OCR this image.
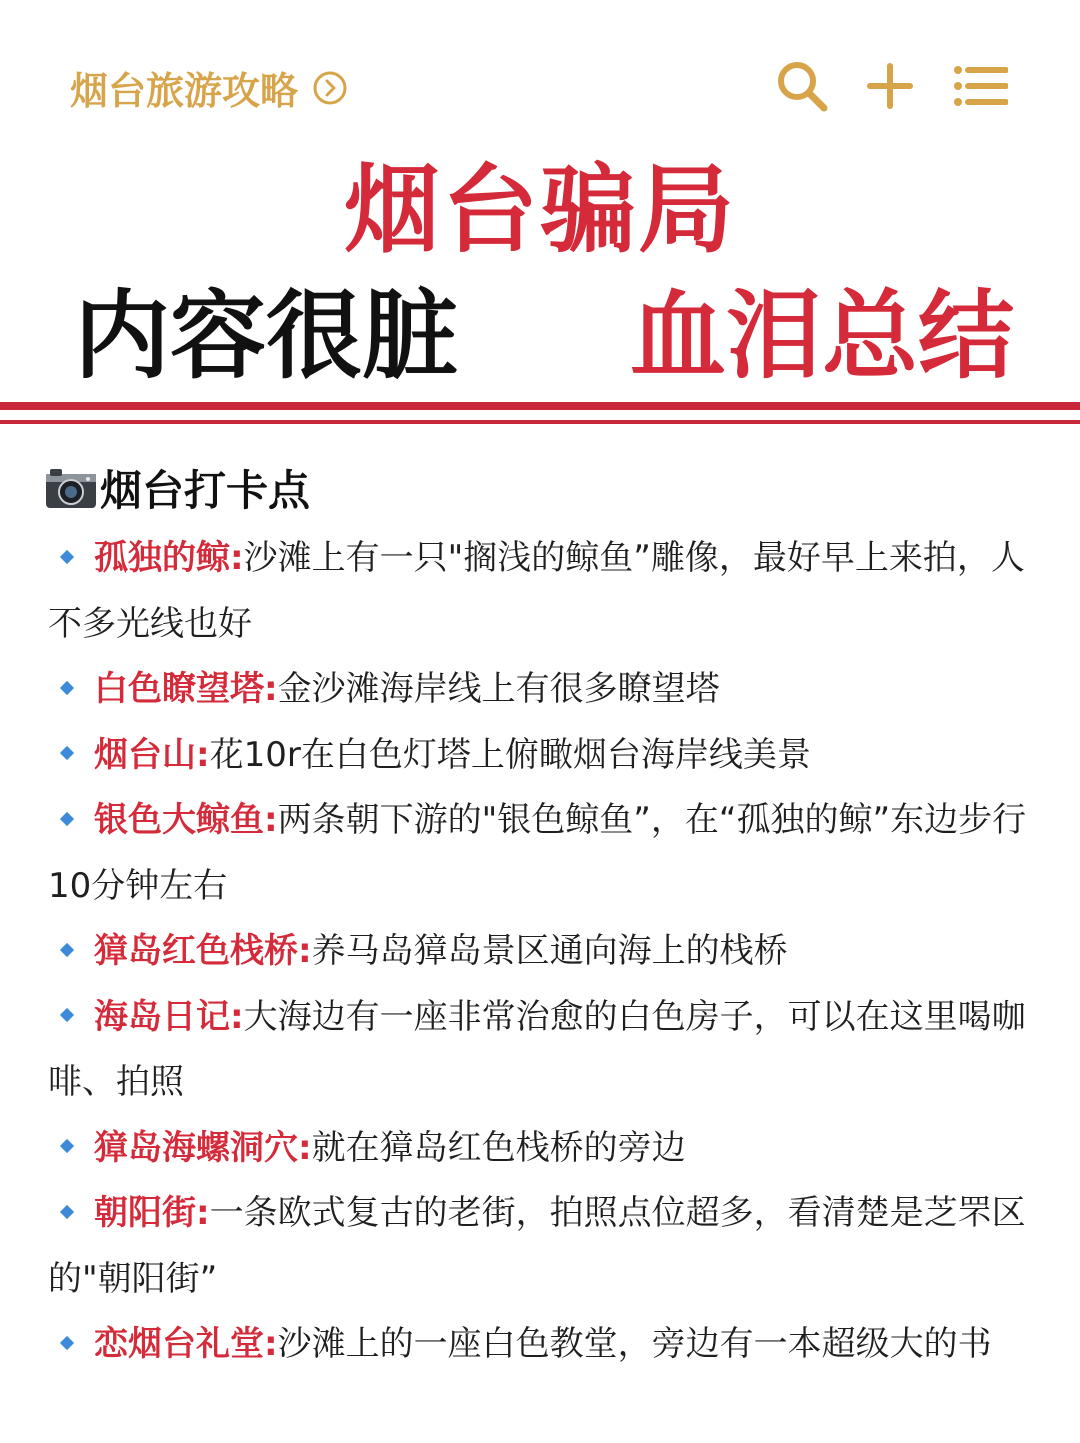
烟台旅游攻略
烟台骗局
内容很脏 血泪总结
烟台打卡点

孤独的鲸:沙滩上有一只"搁浅的鲸鱼”雕像，最好早上来拍，人不多光线也好

白色瞭望塔:金沙滩海岸线上有很多瞭望塔

烟台山:花10r在白色灯塔上俯瞰烟台海岸线美景

银色大鲸鱼:两条朝下游的"银色鲸鱼”，在“孤独的鲸”东边步行10分钟左右

獐岛红色栈桥:养马岛獐岛景区通向海上的栈桥

海岛日记:大海边有一座非常治愈的白色房子，可以在这里喝咖啡、拍照

獐岛海螺洞穴:就在獐岛红色栈桥的旁边

朝阳街:一条欧式复古的老街，拍照点位超多，看清楚是芝罘区的"朝阳街”

恋烟台礼堂:沙滩上的一座白色教堂，旁边有一本超级大的书
